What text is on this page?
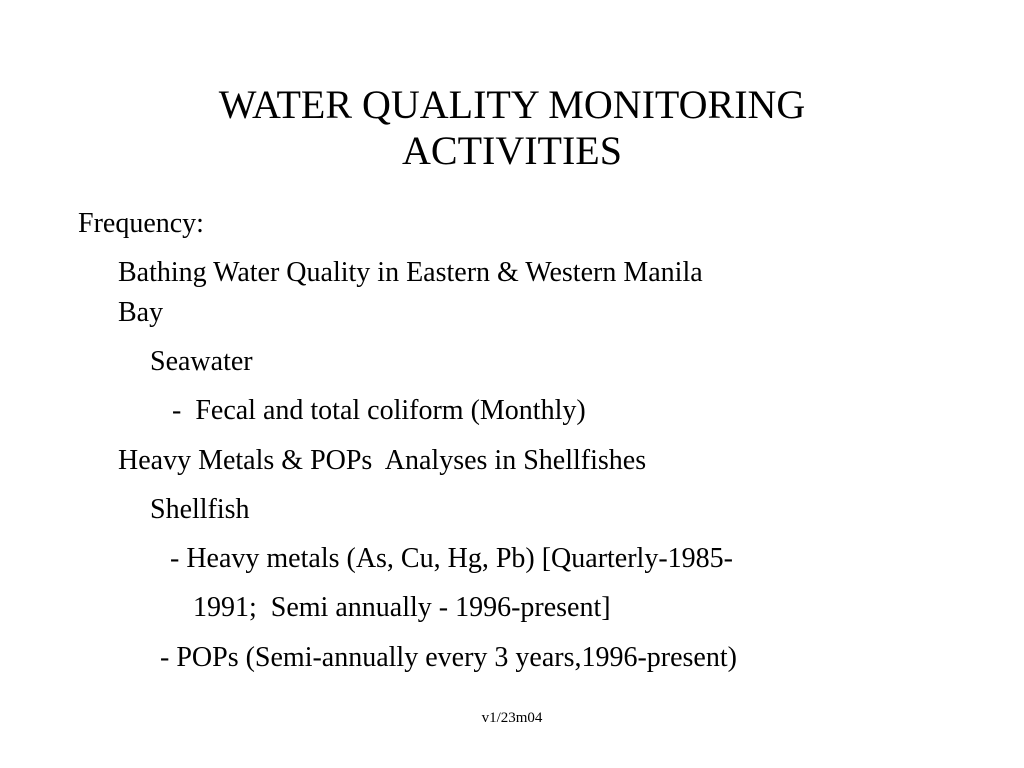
WATER QUALITY MONITORING
ACTIVITIES
Frequency:
Bathing Water Quality in Eastern & Western Manila
Bay
Seawater
-  Fecal and total coliform (Monthly)
Heavy Metals & POPs  Analyses in Shellfishes
Shellfish
- Heavy metals (As, Cu, Hg, Pb) [Quarterly-1985-
1991;  Semi annually - 1996-present]
- POPs (Semi-annually every 3 years,1996-present)
v1/23m04
